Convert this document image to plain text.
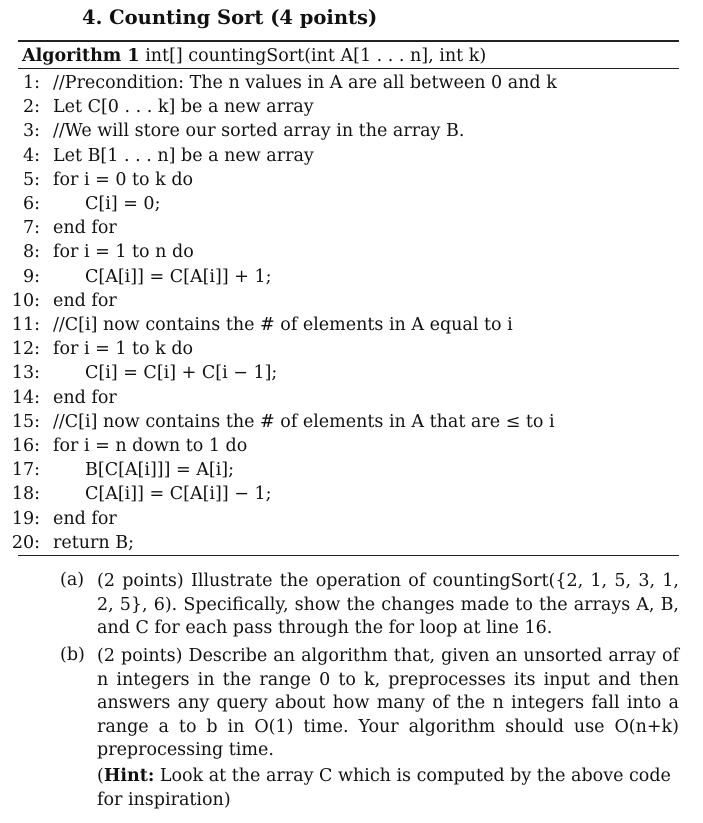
4. Counting Sort (4 points)
Algorithm 1 int[] countingSort(int A[1 . . . n], int k)
1: //Precondition: The n values in A are all between 0 and k
2: Let C[0 . . . k] be a new array
3: //We will store our sorted array in the array B.
4: Let B[1 . . . n] be a new array
5: for i = 0 to k do
6:	C[i] = 0;
7: end for
8: for i = 1 to n do
9:	C[A[i]] = C[A[i]] + 1;
10: end for
11: //C[i] now contains the # of elements in A equal to i
12: for i = 1 to k do
13:	C[i] = C[i] + C[i − 1];
14: end for
15: //C[i] now contains the # of elements in A that are ≤ to i
16: for i = n down to 1 do
17:	B[C[A[i]]] = A[i];
18:	C[A[i]] = C[A[i]] − 1;
19: end for
20: return B;
(a) (2 points) Illustrate the operation of countingSort({2, 1, 5, 3, 1, 2, 5}, 6). Specifically, show the changes made to the arrays A, B, and C for each pass through the for loop at line 16.
(b) (2 points) Describe an algorithm that, given an unsorted array of n integers in the range 0 to k, preprocesses its input and then answers any query about how many of the n integers fall into a range a to b in O(1) time. Your algorithm should use O(n+k) preprocessing time.
(Hint: Look at the array C which is computed by the above code for inspiration)
